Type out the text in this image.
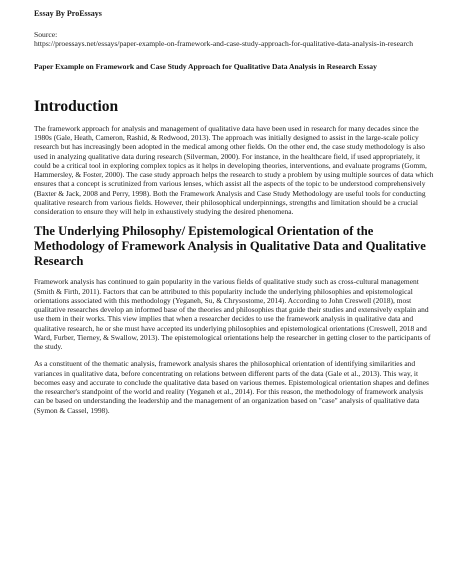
Essay By ProEssays
Source:
https://proessays.net/essays/paper-example-on-framework-and-case-study-approach-for-qualitative-data-analysis-in-research
Paper Example on Framework and Case Study Approach for Qualitative Data Analysis in Research Essay
Introduction

The framework approach for analysis and management of qualitative data have been used in research for many decades since the 1980s (Gale, Heath, Cameron, Rashid, & Redwood, 2013). The approach was initially designed to assist in the large-scale policy research but has increasingly been adopted in the medical among other fields. On the other end, the case study methodology is also used in analyzing qualitative data during research (Silverman, 2000). For instance, in the healthcare field, if used appropriately, it could be a critical tool in exploring complex topics as it helps in developing theories, interventions, and evaluate programs (Gomm, Hammersley, & Foster, 2000). The case study approach helps the research to study a problem by using multiple sources of data which ensures that a concept is scrutinized from various lenses, which assist all the aspects of the topic to be understood comprehensively (Baxter & Jack, 2008 and Perry, 1998). Both the Framework Analysis and Case Study Methodology are useful tools for conducting qualitative research from various fields. However, their philosophical underpinnings, strengths and limitation should be a crucial consideration to ensure they will help in exhaustively studying the desired phenomena.

The Underlying Philosophy/ Epistemological Orientation of the Methodology of Framework Analysis in Qualitative Data and Qualitative Research

Framework analysis has continued to gain popularity in the various fields of qualitative study such as cross-cultural management (Smith & Firth, 2011). Factors that can be attributed to this popularity include the underlying philosophies and epistemological orientations associated with this methodology (Yeganeh, Su, & Chrysostome, 2014). According to John Creswell (2018), most qualitative researches develop an informed base of the theories and philosophies that guide their studies and extensively explain and use them in their works. This view implies that when a researcher decides to use the framework analysis in qualitative data and qualitative research, he or she must have accepted its underlying philosophies and epistemological orientations (Creswell, 2018 and Ward, Furber, Tierney, & Swallow, 2013). The epistemological orientations help the researcher in getting closer to the participants of the study.

As a constituent of the thematic analysis, framework analysis shares the philosophical orientation of identifying similarities and variances in qualitative data, before concentrating on relations between different parts of the data (Gale et al., 2013). This way, it becomes easy and accurate to conclude the qualitative data based on various themes. Epistemological orientation shapes and defines the researcher's standpoint of the world and reality (Yeganeh et al., 2014). For this reason, the methodology of framework analysis can be based on understanding the leadership and the management of an organization based on "case" analysis of qualitative data (Symon & Cassel, 1998).
